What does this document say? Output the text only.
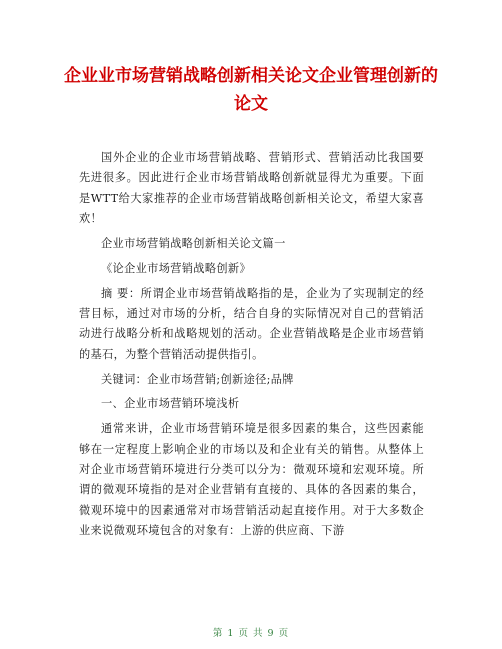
企业业市场营销战略创新相关论文企业管理创新的论文

国外企业的企业市场营销战略、营销形式、营销活动比我国要先进很多。因此进行企业市场营销战略创新就显得尤为重要。下面是WTT给大家推荐的企业市场营销战略创新相关论文，希望大家喜欢！

企业市场营销战略创新相关论文篇一

《论企业市场营销战略创新》

摘 要：所谓企业市场营销战略指的是，企业为了实现制定的经营目标，通过对市场的分析，结合自身的实际情况对自己的营销活动进行战略分析和战略规划的活动。企业营销战略是企业市场营销的基石，为整个营销活动提供指引。

关键词：企业市场营销;创新途径;品牌

一、企业市场营销环境浅析

通常来讲，企业市场营销环境是很多因素的集合，这些因素能够在一定程度上影响企业的市场以及和企业有关的销售。从整体上对企业市场营销环境进行分类可以分为：微观环境和宏观环境。所谓的微观环境指的是对企业营销有直接的、具体的各因素的集合，微观环境中的因素通常对市场营销活动起直接作用。对于大多数企业来说微观环境包含的对象有：上游的供应商、下游

第 1 页 共 9 页
